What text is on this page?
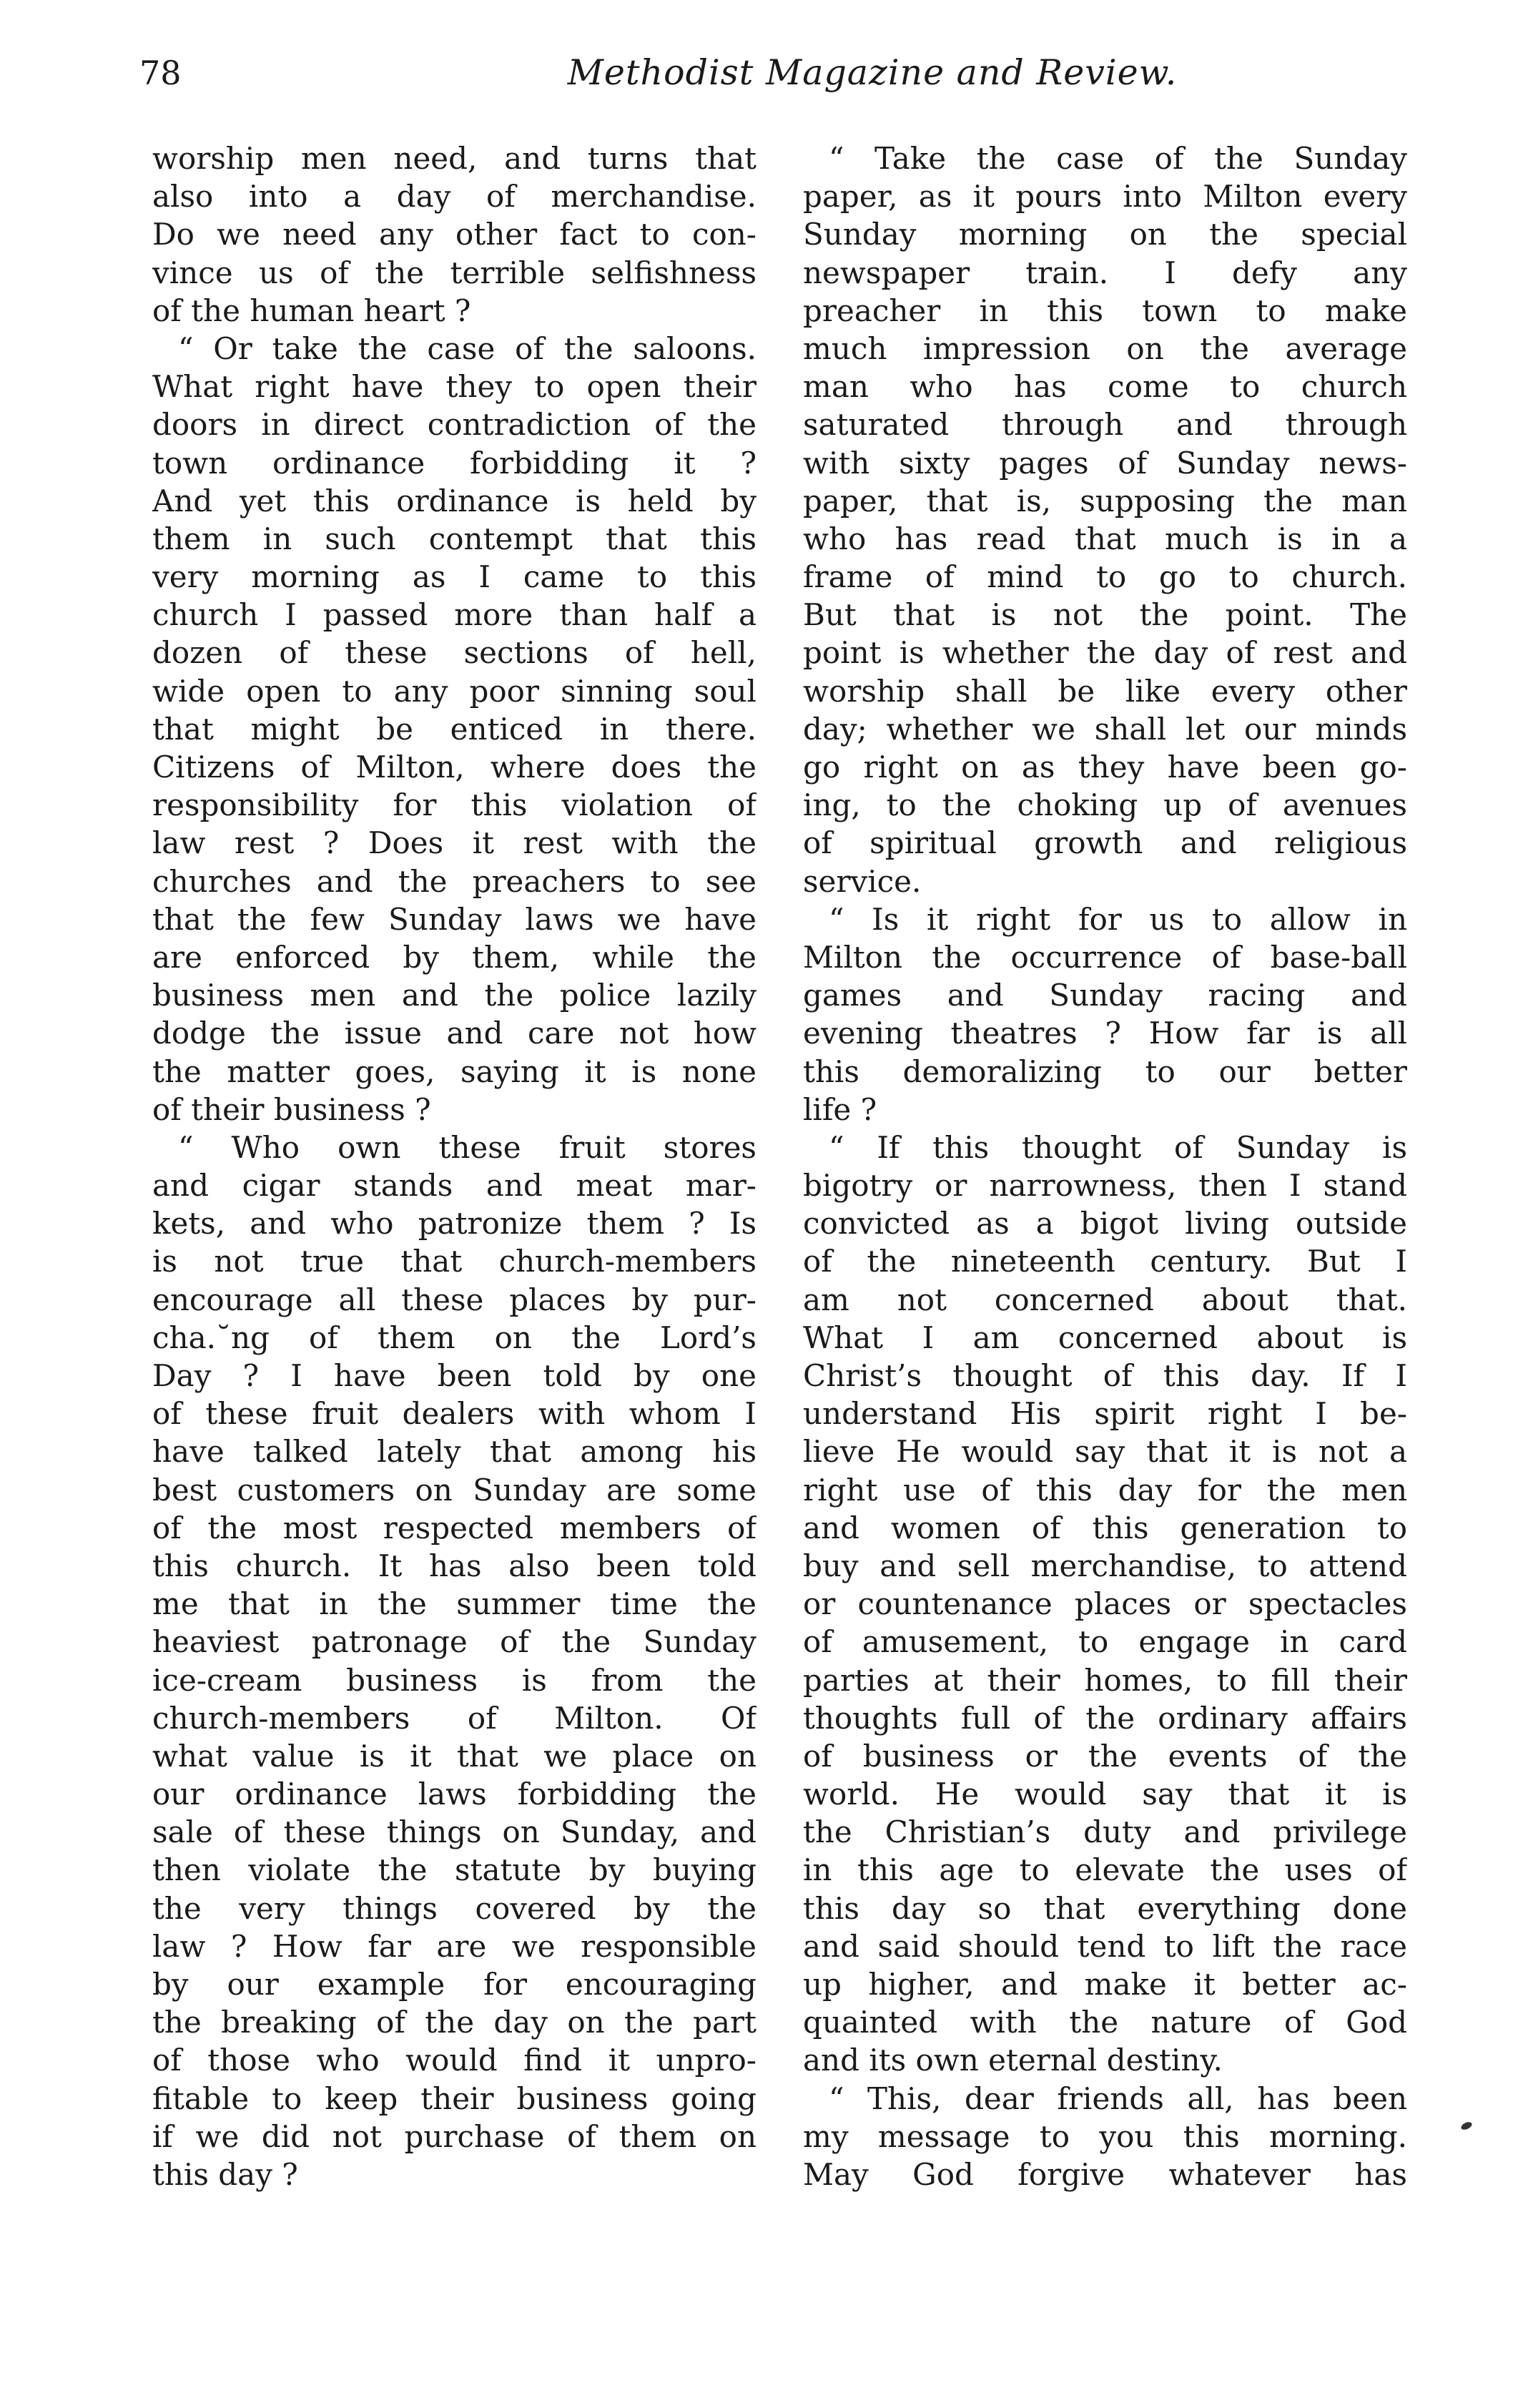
78	Methodist Magazine and Review.
worship men need, and turns that
also into a day of merchandise.
Do we need any other fact to con-
vince us of the terrible selfishness
of the human heart ?
“ Or take the case of the saloons.
What right have they to open their
doors in direct contradiction of the
town ordinance forbidding it ?
And yet this ordinance is held by
them in such contempt that this
very morning as I came to this
church I passed more than half a
dozen of these sections of hell,
wide open to any poor sinning soul
that might be enticed in there.
Citizens of Milton, where does the
responsibility for this violation of
law rest ? Does it rest with the
churches and the preachers to see
that the few Sunday laws we have
are enforced by them, while the
business men and the police lazily
dodge the issue and care not how
the matter goes, saying it is none
of their business ?
“ Who own these fruit stores
and cigar stands and meat mar-
kets, and who patronize them ? Is
is not true that church-members
encourage all these places by pur-
cha.˘ng of them on the Lord’s
Day ? I have been told by one
of these fruit dealers with whom I
have talked lately that among his
best customers on Sunday are some
of the most respected members of
this church. It has also been told
me that in the summer time the
heaviest patronage of the Sunday
ice-cream business is from the
church-members of Milton. Of
what value is it that we place on
our ordinance laws forbidding the
sale of these things on Sunday, and
then violate the statute by buying
the very things covered by the
law ? How far are we responsible
by our example for encouraging
the breaking of the day on the part
of those who would find it unpro-
fitable to keep their business going
if we did not purchase of them on
this day ?
“ Take the case of the Sunday
paper, as it pours into Milton every
Sunday morning on the special
newspaper train. I defy any
preacher in this town to make
much impression on the average
man who has come to church
saturated through and through
with sixty pages of Sunday news-
paper, that is, supposing the man
who has read that much is in a
frame of mind to go to church.
But that is not the point. The
point is whether the day of rest and
worship shall be like every other
day; whether we shall let our minds
go right on as they have been go-
ing, to the choking up of avenues
of spiritual growth and religious
service.
“ Is it right for us to allow in
Milton the occurrence of base-ball
games and Sunday racing and
evening theatres ? How far is all
this demoralizing to our better
life ?
“ If this thought of Sunday is
bigotry or narrowness, then I stand
convicted as a bigot living outside
of the nineteenth century. But I
am not concerned about that.
What I am concerned about is
Christ’s thought of this day. If I
understand His spirit right I be-
lieve He would say that it is not a
right use of this day for the men
and women of this generation to
buy and sell merchandise, to attend
or countenance places or spectacles
of amusement, to engage in card
parties at their homes, to fill their
thoughts full of the ordinary affairs
of business or the events of the
world. He would say that it is
the Christian’s duty and privilege
in this age to elevate the uses of
this day so that everything done
and said should tend to lift the race
up higher, and make it better ac-
quainted with the nature of God
and its own eternal destiny.
“ This, dear friends all, has been
my message to you this morning.
May God forgive whatever has
